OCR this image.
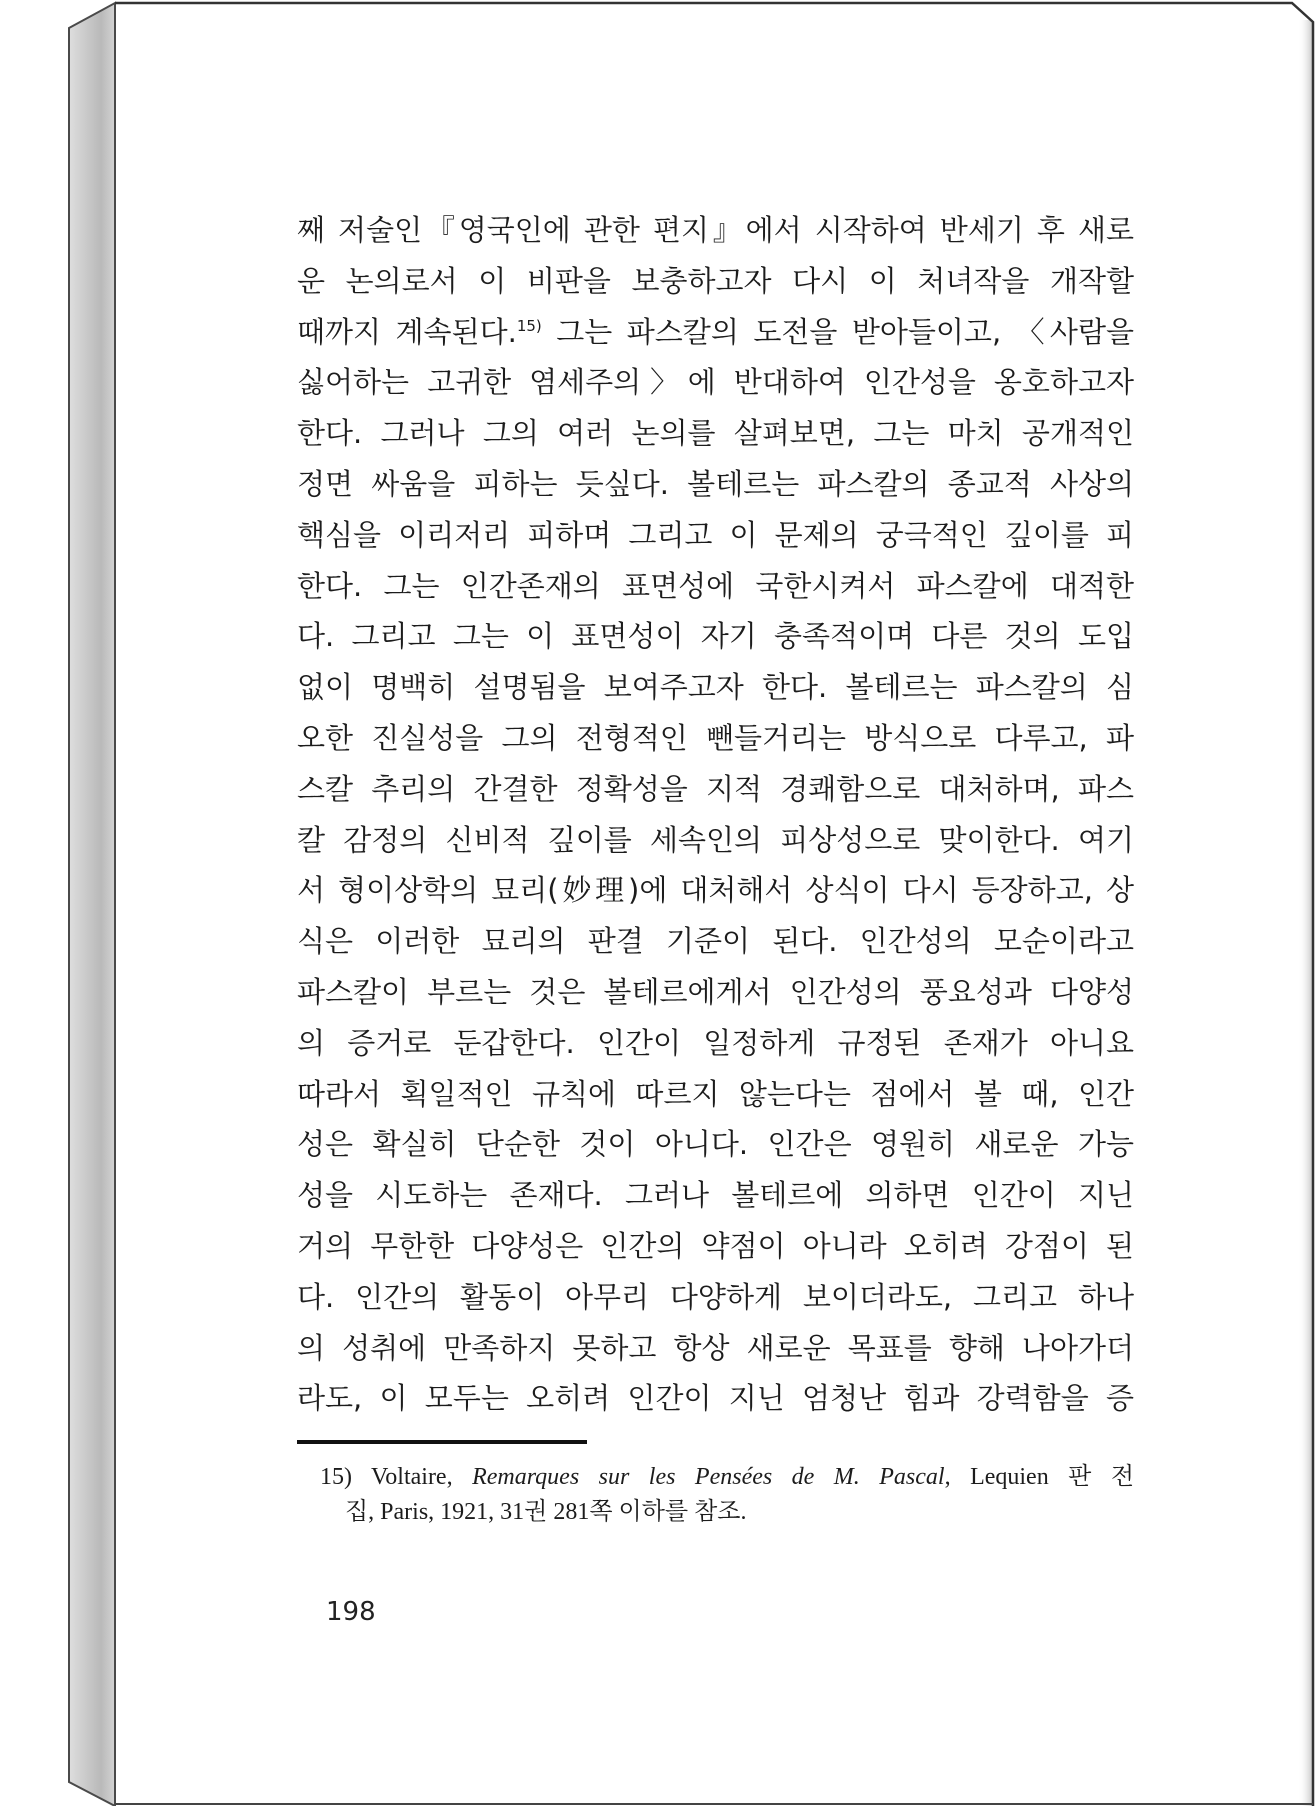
째 저술인『영국인에 관한 편지』에서 시작하여 반세기 후 새로
운 논의로서 이 비판을 보충하고자 다시 이 처녀작을 개작할
때까지 계속된다.$^{15)}$ 그는 파스칼의 도전을 받아들이고, 〈사람을
싫어하는 고귀한 염세주의〉에 반대하여 인간성을 옹호하고자
한다. 그러나 그의 여러 논의를 살펴보면, 그는 마치 공개적인
정면 싸움을 피하는 듯싶다. 볼테르는 파스칼의 종교적 사상의
핵심을 이리저리 피하며 그리고 이 문제의 궁극적인 깊이를 피
한다. 그는 인간존재의 표면성에 국한시켜서 파스칼에 대적한
다. 그리고 그는 이 표면성이 자기 충족적이며 다른 것의 도입
없이 명백히 설명됨을 보여주고자 한다. 볼테르는 파스칼의 심
오한 진실성을 그의 전형적인 뺀들거리는 방식으로 다루고, 파
스칼 추리의 간결한 정확성을 지적 경쾌함으로 대처하며, 파스
칼 감정의 신비적 깊이를 세속인의 피상성으로 맞이한다. 여기
서 형이상학의 묘리(妙理)에 대처해서 상식이 다시 등장하고, 상
식은 이러한 묘리의 판결 기준이 된다. 인간성의 모순이라고
파스칼이 부르는 것은 볼테르에게서 인간성의 풍요성과 다양성
의 증거로 둔갑한다. 인간이 일정하게 규정된 존재가 아니요
따라서 획일적인 규칙에 따르지 않는다는 점에서 볼 때, 인간
성은 확실히 단순한 것이 아니다. 인간은 영원히 새로운 가능
성을 시도하는 존재다. 그러나 볼테르에 의하면 인간이 지닌
거의 무한한 다양성은 인간의 약점이 아니라 오히려 강점이 된
다. 인간의 활동이 아무리 다양하게 보이더라도, 그리고 하나
의 성취에 만족하지 못하고 항상 새로운 목표를 향해 나아가더
라도, 이 모두는 오히려 인간이 지닌 엄청난 힘과 강력함을 증
15) Voltaire, Remarques sur les Pensées de M. Pascal, Lequien 판 전
집, Paris, 1921, 31권 281쪽 이하를 참조.
198
